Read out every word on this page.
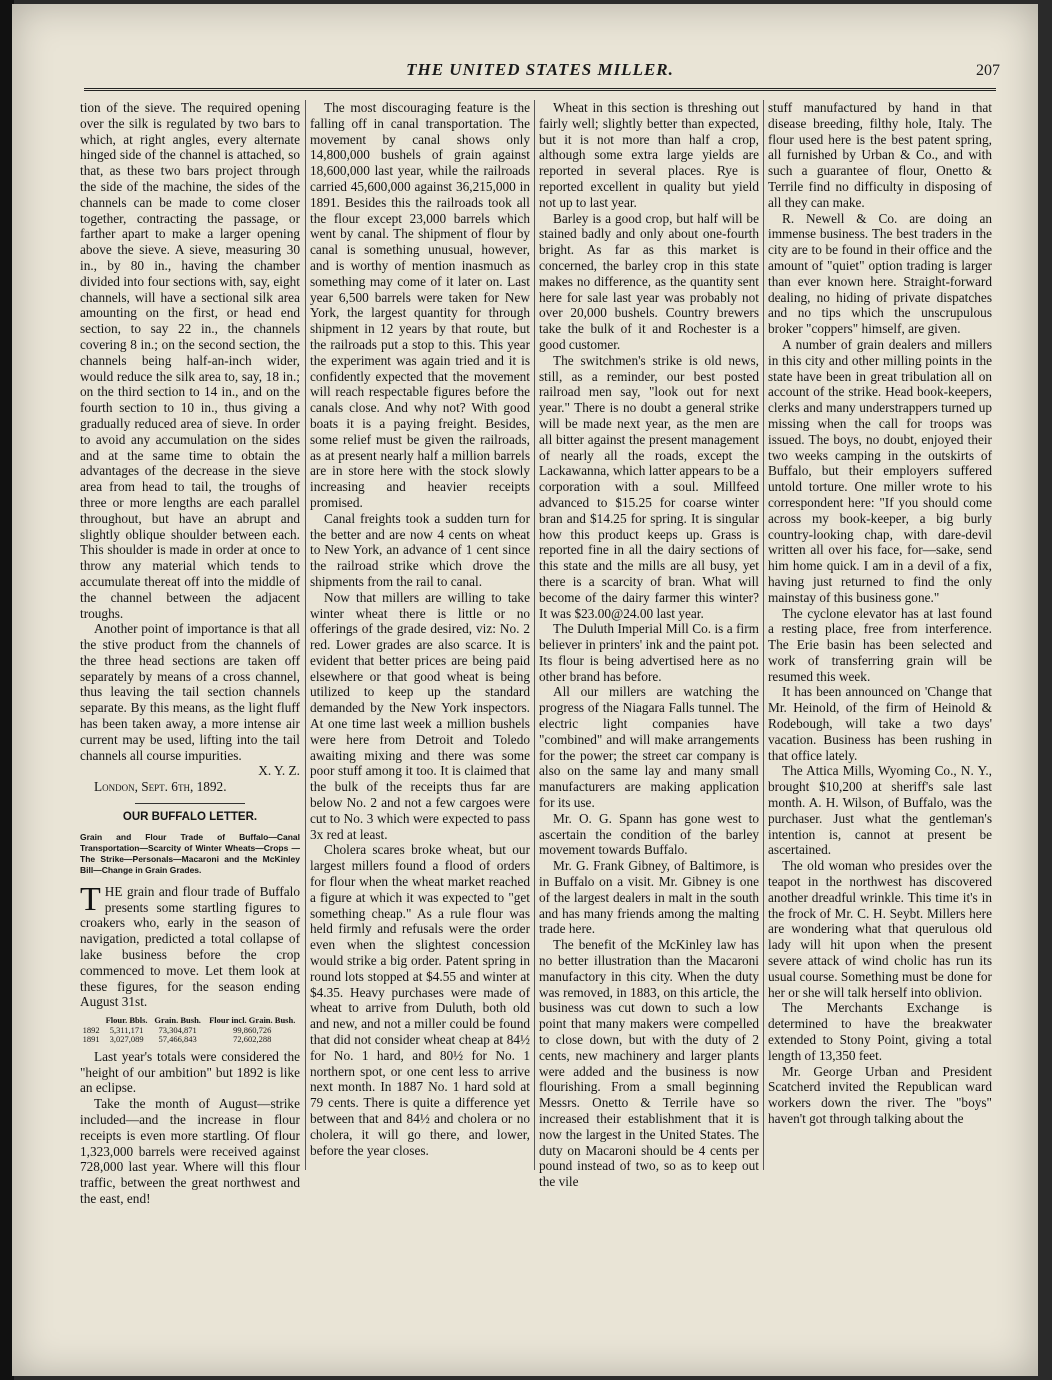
THE UNITED STATES MILLER.	207

tion of the sieve. The required opening over the silk is regulated by two bars to which, at right angles, every alternate hinged side of the channel is attached, so that, as these two bars project through the side of the machine, the sides of the channels can be made to come closer together, contracting the passage, or farther apart to make a larger opening above the sieve. A sieve, measuring 30 in., by 80 in., having the chamber divided into four sections with, say, eight channels, will have a sectional silk area amounting on the first, or head end section, to say 22 in., the channels covering 8 in.; on the second section, the channels being half-an-inch wider, would reduce the silk area to, say, 18 in.; on the third section to 14 in., and on the fourth section to 10 in., thus giving a gradually reduced area of sieve. In order to avoid any accumulation on the sides and at the same time to obtain the advantages of the decrease in the sieve area from head to tail, the troughs of three or more lengths are each parallel throughout, but have an abrupt and slightly oblique shoulder between each. This shoulder is made in order at once to throw any material which tends to accumulate thereat off into the middle of the channel between the adjacent troughs.

Another point of importance is that all the stive product from the channels of the three head sections are taken off separately by means of a cross channel, thus leaving the tail section channels separate. By this means, as the light fluff has been taken away, a more intense air current may be used, lifting into the tail channels all course impurities.

X. Y. Z.

London, Sept. 6th, 1892.

OUR BUFFALO LETTER.
Grain and Flour Trade of Buffalo—Canal Transportation—Scarcity of Winter Wheats—Crops —The Strike—Personals—Macaroni and the McKinley Bill—Change in Grain Grades.

THE grain and flour trade of Buffalo presents some startling figures to croakers who, early in the season of navigation, predicted a total collapse of lake business before the crop commenced to move. Let them look at these figures, for the season ending August 31st.

	Flour. Bbls.	Grain. Bush.	Flour incl. Grain. Bush.
1892	5,311,171	73,304,871	99,860,726
1891	3,027,089	57,466,843	72,602,288

Last year's totals were considered the "height of our ambition" but 1892 is like an eclipse.

Take the month of August—strike included—and the increase in flour receipts is even more startling. Of flour 1,323,000 barrels were received against 728,000 last year. Where will this flour traffic, between the great northwest and the east, end!

The most discouraging feature is the falling off in canal transportation. The movement by canal shows only 14,800,000 bushels of grain against 18,600,000 last year, while the railroads carried 45,600,000 against 36,215,000 in 1891. Besides this the railroads took all the flour except 23,000 barrels which went by canal. The shipment of flour by canal is something unusual, however, and is worthy of mention inasmuch as something may come of it later on. Last year 6,500 barrels were taken for New York, the largest quantity for through shipment in 12 years by that route, but the railroads put a stop to this. This year the experiment was again tried and it is confidently expected that the movement will reach respectable figures before the canals close. And why not? With good boats it is a paying freight. Besides, some relief must be given the railroads, as at present nearly half a million barrels are in store here with the stock slowly increasing and heavier receipts promised.

Canal freights took a sudden turn for the better and are now 4 cents on wheat to New York, an advance of 1 cent since the railroad strike which drove the shipments from the rail to canal.

Now that millers are willing to take winter wheat there is little or no offerings of the grade desired, viz: No. 2 red. Lower grades are also scarce. It is evident that better prices are being paid elsewhere or that good wheat is being utilized to keep up the standard demanded by the New York inspectors. At one time last week a million bushels were here from Detroit and Toledo awaiting mixing and there was some poor stuff among it too. It is claimed that the bulk of the receipts thus far are below No. 2 and not a few cargoes were cut to No. 3 which were expected to pass 3x red at least.

Cholera scares broke wheat, but our largest millers found a flood of orders for flour when the wheat market reached a figure at which it was expected to "get something cheap." As a rule flour was held firmly and refusals were the order even when the slightest concession would strike a big order. Patent spring in round lots stopped at $4.55 and winter at $4.35. Heavy purchases were made of wheat to arrive from Duluth, both old and new, and not a miller could be found that did not consider wheat cheap at 84½ for No. 1 hard, and 80½ for No. 1 northern spot, or one cent less to arrive next month. In 1887 No. 1 hard sold at 79 cents. There is quite a difference yet between that and 84½ and cholera or no cholera, it will go there, and lower, before the year closes.

Wheat in this section is threshing out fairly well; slightly better than expected, but it is not more than half a crop, although some extra large yields are reported in several places. Rye is reported excellent in quality but yield not up to last year.

Barley is a good crop, but half will be stained badly and only about one-fourth bright. As far as this market is concerned, the barley crop in this state makes no difference, as the quantity sent here for sale last year was probably not over 20,000 bushels. Country brewers take the bulk of it and Rochester is a good customer.

The switchmen's strike is old news, still, as a reminder, our best posted railroad men say, "look out for next year." There is no doubt a general strike will be made next year, as the men are all bitter against the present management of nearly all the roads, except the Lackawanna, which latter appears to be a corporation with a soul. Millfeed advanced to $15.25 for coarse winter bran and $14.25 for spring. It is singular how this product keeps up. Grass is reported fine in all the dairy sections of this state and the mills are all busy, yet there is a scarcity of bran. What will become of the dairy farmer this winter? It was $23.00@24.00 last year.

The Duluth Imperial Mill Co. is a firm believer in printers' ink and the paint pot. Its flour is being advertised here as no other brand has before.

All our millers are watching the progress of the Niagara Falls tunnel. The electric light companies have "combined" and will make arrangements for the power; the street car company is also on the same lay and many small manufacturers are making application for its use.

Mr. O. G. Spann has gone west to ascertain the condition of the barley movement towards Buffalo.

Mr. G. Frank Gibney, of Baltimore, is in Buffalo on a visit. Mr. Gibney is one of the largest dealers in malt in the south and has many friends among the malting trade here.

The benefit of the McKinley law has no better illustration than the Macaroni manufactory in this city. When the duty was removed, in 1883, on this article, the business was cut down to such a low point that many makers were compelled to close down, but with the duty of 2 cents, new machinery and larger plants were added and the business is now flourishing. From a small beginning Messrs. Onetto & Terrile have so increased their establishment that it is now the largest in the United States. The duty on Macaroni should be 4 cents per pound instead of two, so as to keep out the vile

stuff manufactured by hand in that disease breeding, filthy hole, Italy. The flour used here is the best patent spring, all furnished by Urban & Co., and with such a guarantee of flour, Onetto & Terrile find no difficulty in disposing of all they can make.

R. Newell & Co. are doing an immense business. The best traders in the city are to be found in their office and the amount of "quiet" option trading is larger than ever known here. Straight-forward dealing, no hiding of private dispatches and no tips which the unscrupulous broker "coppers" himself, are given.

A number of grain dealers and millers in this city and other milling points in the state have been in great tribulation all on account of the strike. Head book-keepers, clerks and many understrappers turned up missing when the call for troops was issued. The boys, no doubt, enjoyed their two weeks camping in the outskirts of Buffalo, but their employers suffered untold torture. One miller wrote to his correspondent here: "If you should come across my book-keeper, a big burly country-looking chap, with dare-devil written all over his face, for—sake, send him home quick. I am in a devil of a fix, having just returned to find the only mainstay of this business gone."

The cyclone elevator has at last found a resting place, free from interference. The Erie basin has been selected and work of transferring grain will be resumed this week.

It has been announced on 'Change that Mr. Heinold, of the firm of Heinold & Rodebough, will take a two days' vacation. Business has been rushing in that office lately.

The Attica Mills, Wyoming Co., N. Y., brought $10,200 at sheriff's sale last month. A. H. Wilson, of Buffalo, was the purchaser. Just what the gentleman's intention is, cannot at present be ascertained.

The old woman who presides over the teapot in the northwest has discovered another dreadful wrinkle. This time it's in the frock of Mr. C. H. Seybt. Millers here are wondering what that querulous old lady will hit upon when the present severe attack of wind cholic has run its usual course. Something must be done for her or she will talk herself into oblivion.

The Merchants Exchange is determined to have the breakwater extended to Stony Point, giving a total length of 13,350 feet.

Mr. George Urban and President Scatcherd invited the Republican ward workers down the river. The "boys" haven't got through talking about the
